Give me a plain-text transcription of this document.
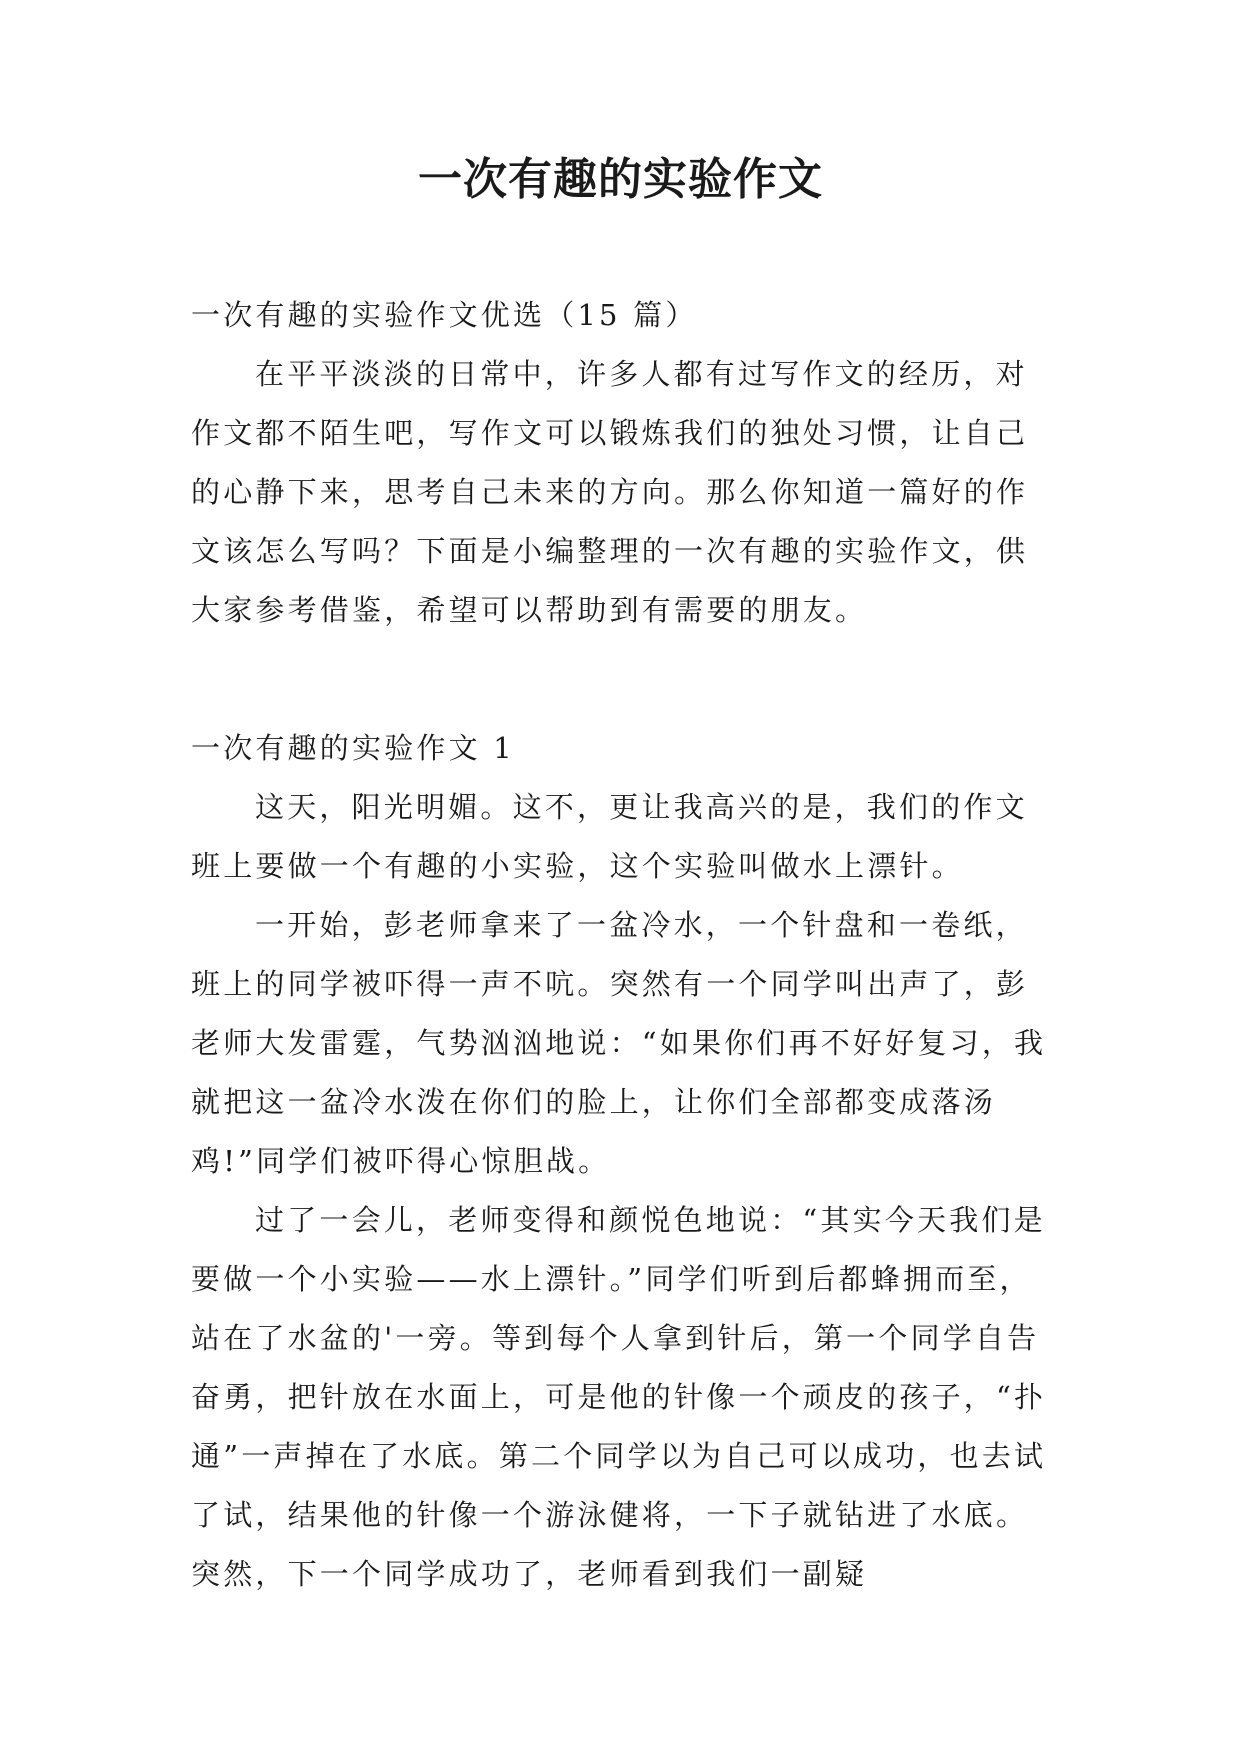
一次有趣的实验作文

一次有趣的实验作文优选（15 篇）

在平平淡淡的日常中，许多人都有过写作文的经历，对作文都不陌生吧，写作文可以锻炼我们的独处习惯，让自己的心静下来，思考自己未来的方向。那么你知道一篇好的作文该怎么写吗？下面是小编整理的一次有趣的实验作文，供大家参考借鉴，希望可以帮助到有需要的朋友。

一次有趣的实验作文 1

这天，阳光明媚。这不，更让我高兴的是，我们的作文班上要做一个有趣的小实验，这个实验叫做水上漂针。

一开始，彭老师拿来了一盆冷水，一个针盘和一卷纸，班上的同学被吓得一声不吭。突然有一个同学叫出声了，彭老师大发雷霆，气势汹汹地说：“如果你们再不好好复习，我就把这一盆冷水泼在你们的脸上，让你们全部都变成落汤鸡!”同学们被吓得心惊胆战。

过了一会儿，老师变得和颜悦色地说：“其实今天我们是要做一个小实验——水上漂针。”同学们听到后都蜂拥而至，站在了水盆的'一旁。等到每个人拿到针后，第一个同学自告奋勇，把针放在水面上，可是他的针像一个顽皮的孩子，“扑通”一声掉在了水底。第二个同学以为自己可以成功，也去试了试，结果他的针像一个游泳健将，一下子就钻进了水底。突然，下一个同学成功了，老师看到我们一副疑
